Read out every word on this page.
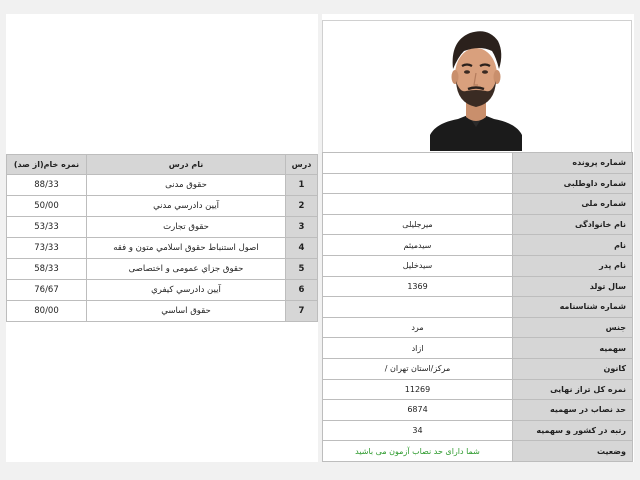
	شماره پرونده
	شماره داوطلبی
	شماره ملی
میرجلیلی	نام خانوادگی
سیدمیثم	نام
سیدخلیل	نام پدر
1369	سال تولد
	شماره شناسنامه
مرد	جنس
ازاد	سهمیه
/ مرکز/استان تهران	کانون
11269	نمره کل تراز نهایی
6874	حد نصاب در سهمیه
34	رتبه در کشور و سهمیه
شما دارای حد نصاب آزمون می باشید	وضعیت
نمره خام(از صد)	نام درس	درس
88/33	حقوق مدنی	1
50/00	آيين دادرسي مدني	2
53/33	حقوق تجارت	3
73/33	اصول استنباط حقوق اسلامي متون و فقه	4
58/33	حقوق جزاي عمومی و اختصاصی	5
76/67	آيين دادرسي کيفري	6
80/00	حقوق اساسي	7
